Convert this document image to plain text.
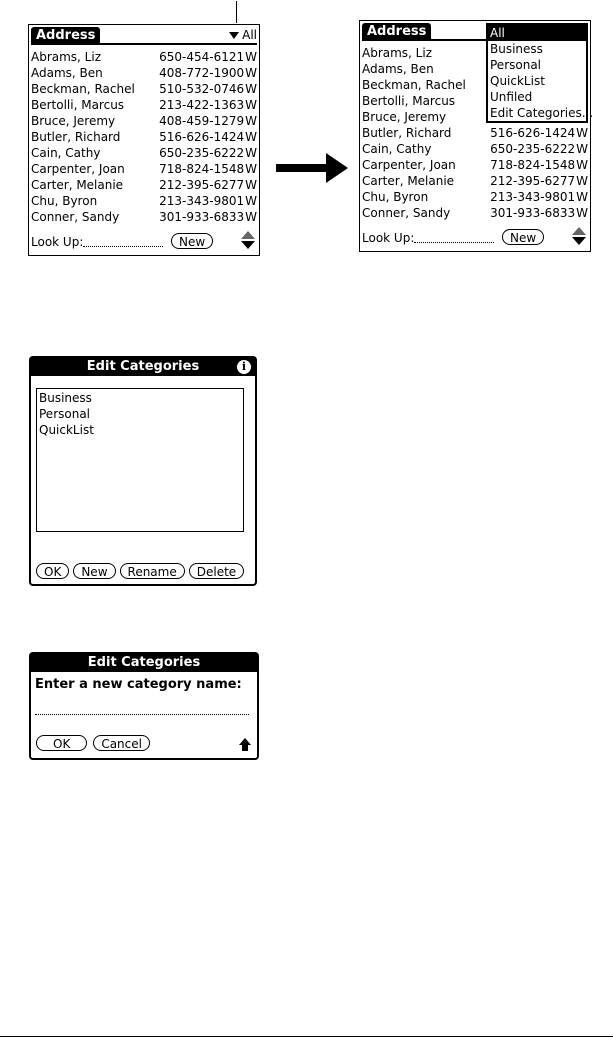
Address	All
Abrams, Liz	650-454-6121 W
Adams, Ben	408-772-1900 W
Beckman, Rachel 510-532-0746 W
Bertolli, Marcus	213-422-1363 W
Bruce, Jeremy	408-459-1279 W
Butler, Richard	516-626-1424 W
Cain, Cathy	650-235-6222 W
Carpenter, Joan	718-824-1548 W
Carter, Melanie	212-395-6277 W
Chu, Byron	213-343-9801 W
Conner, Sandy	301-933-6833 W
Look Up:	New
Address
Abrams, Liz
Adams, Ben
Beckman, Rachel
Bertolli, Marcus
Bruce, Jeremy
Butler, Richard	516-626-1424 W
Cain, Cathy	650-235-6222 W
Carpenter, Joan	718-824-1548 W
Carter, Melanie	212-395-6277 W
Chu, Byron	213-343-9801 W
Conner, Sandy	301-933-6833 W
All
Business
Personal
QuickList
Unfiled
Edit Categories...
Look Up:	New
Edit Categories	i
Business
Personal
QuickList
OK	New	Rename	Delete
Edit Categories
Enter a new category name:
OK	Cancel
